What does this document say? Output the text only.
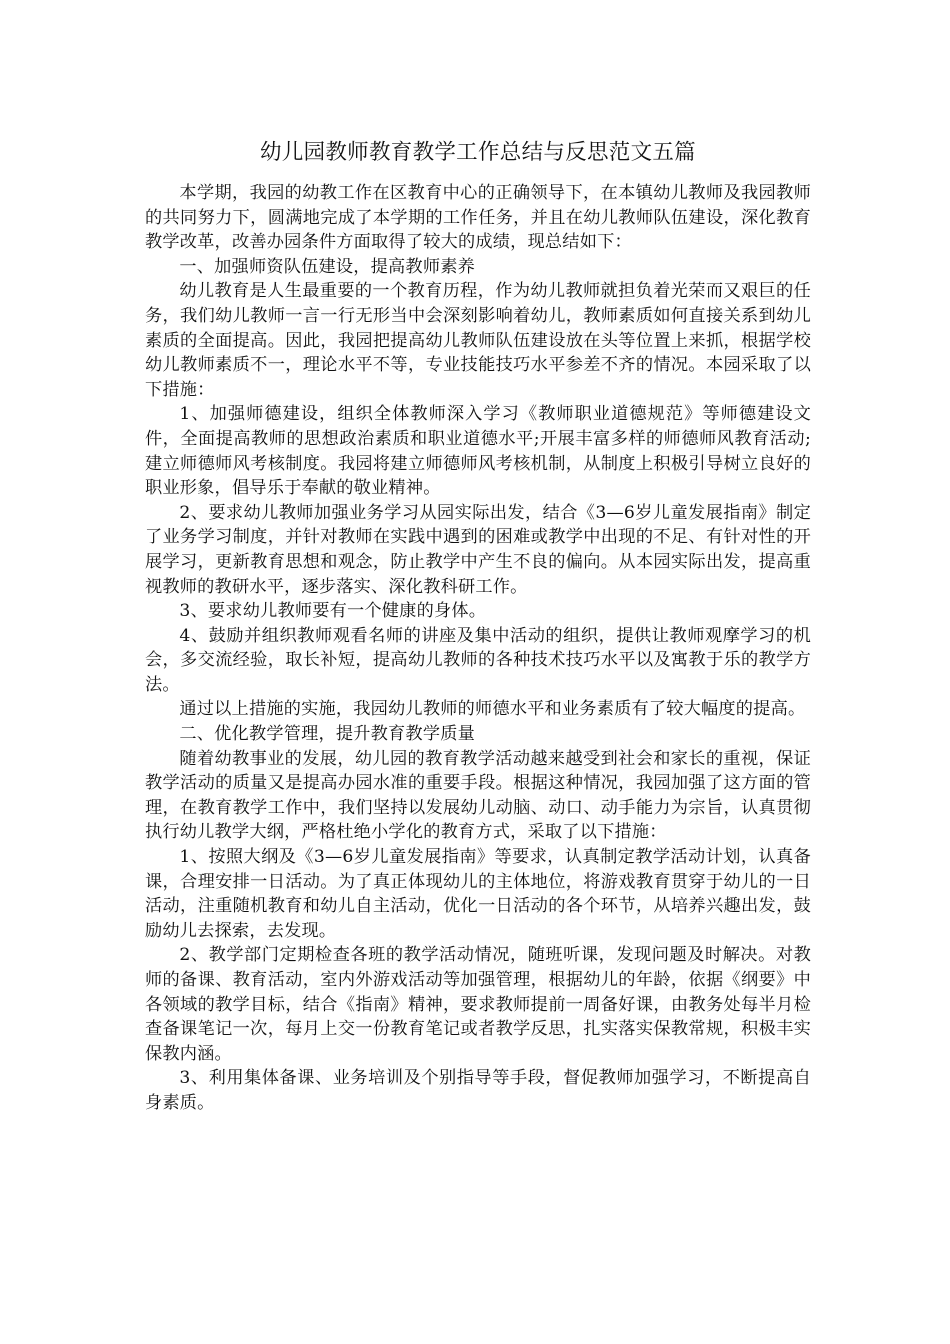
幼儿园教师教育教学工作总结与反思范文五篇

本学期，我园的幼教工作在区教育中心的正确领导下，在本镇幼儿教师及我园教师的共同努力下，圆满地完成了本学期的工作任务，并且在幼儿教师队伍建设，深化教育教学改革，改善办园条件方面取得了较大的成绩，现总结如下：

一、加强师资队伍建设，提高教师素养

幼儿教育是人生最重要的一个教育历程，作为幼儿教师就担负着光荣而又艰巨的任务，我们幼儿教师一言一行无形当中会深刻影响着幼儿，教师素质如何直接关系到幼儿素质的全面提高。因此，我园把提高幼儿教师队伍建设放在头等位置上来抓，根据学校幼儿教师素质不一，理论水平不等，专业技能技巧水平参差不齐的情况。本园采取了以下措施：

1、加强师德建设，组织全体教师深入学习《教师职业道德规范》等师德建设文件，全面提高教师的思想政治素质和职业道德水平;开展丰富多样的师德师风教育活动;建立师德师风考核制度。我园将建立师德师风考核机制，从制度上积极引导树立良好的职业形象，倡导乐于奉献的敬业精神。

2、要求幼儿教师加强业务学习从园实际出发，结合《3—6岁儿童发展指南》制定了业务学习制度，并针对教师在实践中遇到的困难或教学中出现的不足、有针对性的开展学习，更新教育思想和观念，防止教学中产生不良的偏向。从本园实际出发，提高重视教师的教研水平，逐步落实、深化教科研工作。

3、要求幼儿教师要有一个健康的身体。

4、鼓励并组织教师观看名师的讲座及集中活动的组织，提供让教师观摩学习的机会，多交流经验，取长补短，提高幼儿教师的各种技术技巧水平以及寓教于乐的教学方法。

通过以上措施的实施，我园幼儿教师的师德水平和业务素质有了较大幅度的提高。

二、优化教学管理，提升教育教学质量

随着幼教事业的发展，幼儿园的教育教学活动越来越受到社会和家长的重视，保证教学活动的质量又是提高办园水准的重要手段。根据这种情况，我园加强了这方面的管理，在教育教学工作中，我们坚持以发展幼儿动脑、动口、动手能力为宗旨，认真贯彻执行幼儿教学大纲，严格杜绝小学化的教育方式，采取了以下措施：

1、按照大纲及《3—6岁儿童发展指南》等要求，认真制定教学活动计划，认真备课，合理安排一日活动。为了真正体现幼儿的主体地位，将游戏教育贯穿于幼儿的一日活动，注重随机教育和幼儿自主活动，优化一日活动的各个环节，从培养兴趣出发，鼓励幼儿去探索，去发现。

2、教学部门定期检查各班的教学活动情况，随班听课，发现问题及时解决。对教师的备课、教育活动，室内外游戏活动等加强管理，根据幼儿的年龄，依据《纲要》中各领域的教学目标，结合《指南》精神，要求教师提前一周备好课，由教务处每半月检查备课笔记一次，每月上交一份教育笔记或者教学反思，扎实落实保教常规，积极丰实保教内涵。

3、利用集体备课、业务培训及个别指导等手段，督促教师加强学习，不断提高自身素质。
